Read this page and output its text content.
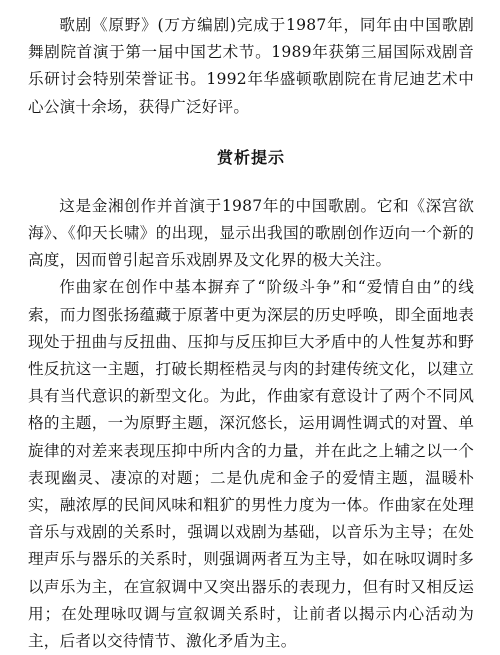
歌剧《原野》(万方编剧)完成于1987年，同年由中国歌剧舞剧院首演于第一届中国艺术节。1989年获第三届国际戏剧音乐研讨会特别荣誉证书。1992年华盛顿歌剧院在肯尼迪艺术中心公演十余场，获得广泛好评。

赏析提示

这是金湘创作并首演于1987年的中国歌剧。它和《深宫欲海》、《仰天长啸》的出现，显示出我国的歌剧创作迈向一个新的高度，因而曾引起音乐戏剧界及文化界的极大关注。

作曲家在创作中基本摒弃了“阶级斗争”和“爱情自由”的线索，而力图张扬蕴藏于原著中更为深层的历史呼唤，即全面地表现处于扭曲与反扭曲、压抑与反压抑巨大矛盾中的人性复苏和野性反抗这一主题，打破长期桎梏灵与肉的封建传统文化，以建立具有当代意识的新型文化。为此，作曲家有意设计了两个不同风格的主题，一为原野主题，深沉悠长，运用调性调式的对置、单旋律的对差来表现压抑中所内含的力量，并在此之上辅之以一个表现幽灵、凄凉的对题；二是仇虎和金子的爱情主题，温暖朴实，融浓厚的民间风味和粗犷的男性力度为一体。作曲家在处理音乐与戏剧的关系时，强调以戏剧为基础，以音乐为主导；在处理声乐与器乐的关系时，则强调两者互为主导，如在咏叹调时多以声乐为主，在宣叙调中又突出器乐的表现力，但有时又相反运用；在处理咏叹调与宣叙调关系时，让前者以揭示内心活动为主，后者以交待情节、激化矛盾为主。
